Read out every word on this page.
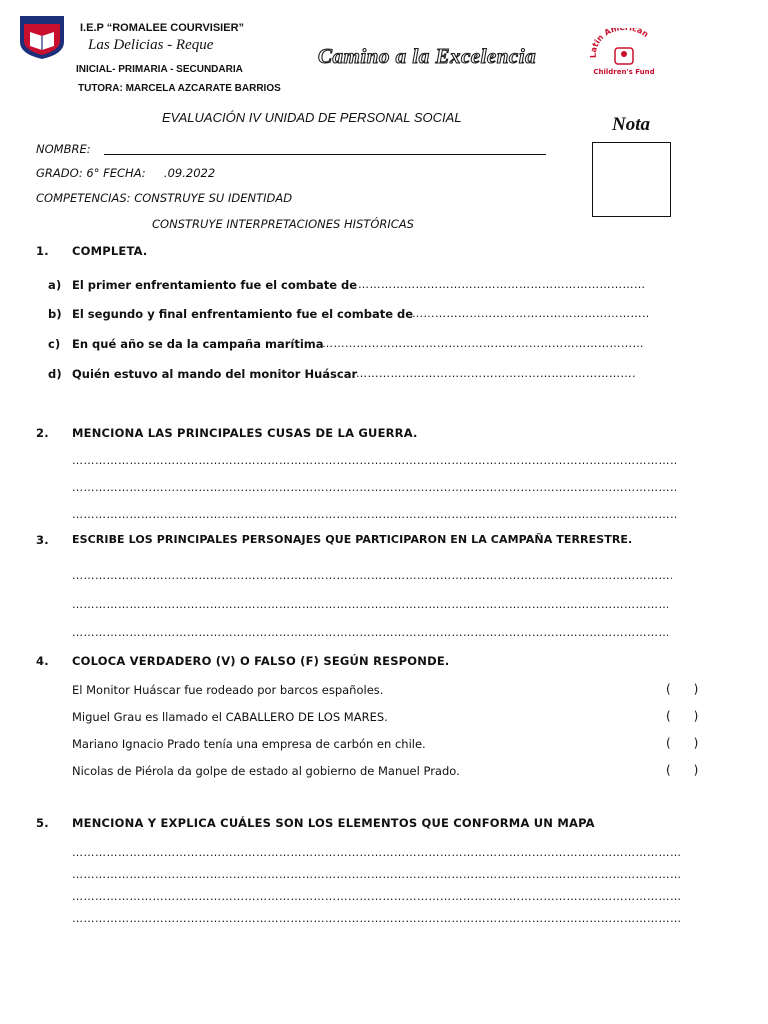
I.E.P “ROMALEE COURVISIER”
Las Delicias - Reque
INICIAL- PRIMARIA - SECUNDARIA
TUTORA: MARCELA AZCARATE BARRIOS
Camino a la Excelencia	Latin Am can
Children's Fund
EVALUACIÓN IV UNIDAD DE PERSONAL SOCIAL	Nota
NOMBRE:
GRADO: 6° FECHA:     .09.2022
COMPETENCIAS: CONSTRUYE SU IDENTIDAD
CONSTRUYE INTERPRETACIONES HISTÓRICAS
1. COMPLETA.
a) El primer enfrentamiento fue el combate de
………………………………………………………………………………………………………………………………………………………………………………………
b) El segundo y final enfrentamiento fue el combate de
………………………………………………………………………………………………………………………………………………………………………………………
c) En qué año se da la campaña marítima
………………………………………………………………………………………………………………………………………………………………………………………
d) Quién estuvo al mando del monitor Huáscar
………………………………………………………………………………………………………………………………………………………………………………………
2. MENCIONA LAS PRINCIPALES CUSAS DE LA GUERRA.
………………………………………………………………………………………………………………………………………………………………………………………
………………………………………………………………………………………………………………………………………………………………………………………
………………………………………………………………………………………………………………………………………………………………………………………
3. ESCRIBE LOS PRINCIPALES PERSONAJES QUE PARTICIPARON EN LA CAMPAÑA TERRESTRE.
………………………………………………………………………………………………………………………………………………………………………………………
………………………………………………………………………………………………………………………………………………………………………………………
………………………………………………………………………………………………………………………………………………………………………………………
4. COLOCA VERDADERO (V) O FALSO (F) SEGÚN RESPONDE.
El Monitor Huáscar fue rodeado por barcos españoles.	(      )
Miguel Grau es llamado el CABALLERO DE LOS MARES.	(      )
Mariano Ignacio Prado tenía una empresa de carbón en chile.	(      )
Nicolas de Piérola da golpe de estado al gobierno de Manuel Prado.	(      )
5. MENCIONA Y EXPLICA CUÁLES SON LOS ELEMENTOS QUE CONFORMA UN MAPA
………………………………………………………………………………………………………………………………………………………………………………………
………………………………………………………………………………………………………………………………………………………………………………………
………………………………………………………………………………………………………………………………………………………………………………………
………………………………………………………………………………………………………………………………………………………………………………………
